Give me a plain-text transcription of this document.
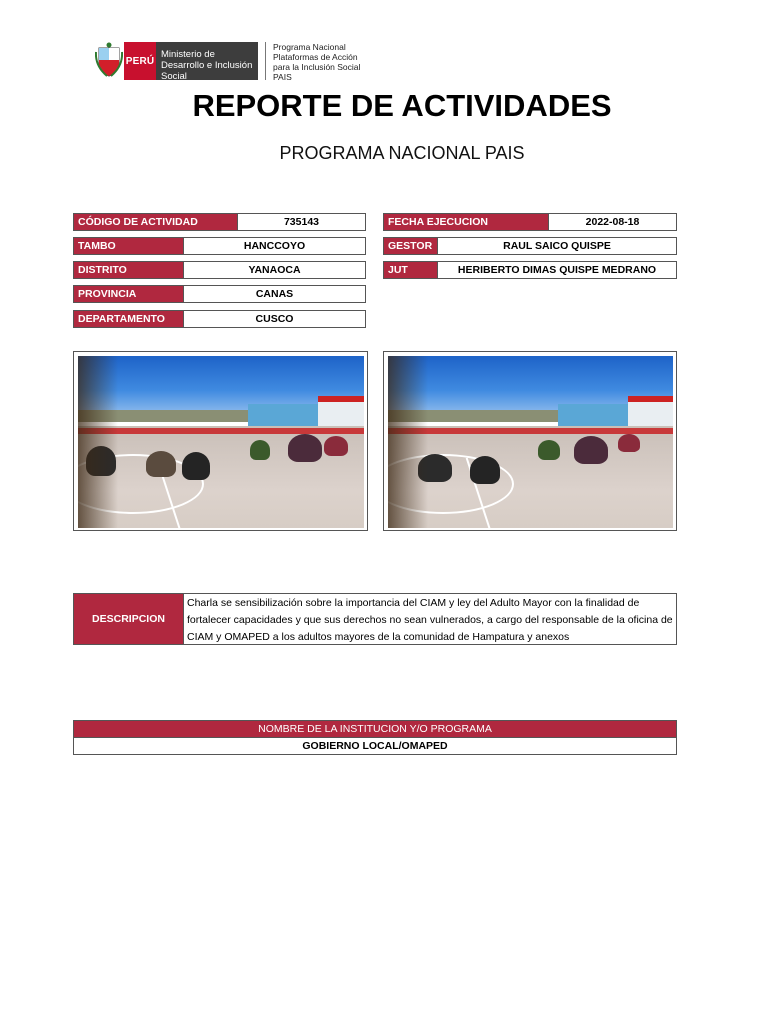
PERÚ
Ministerio de Desarrollo e Inclusión Social
Programa Nacional
Plataformas de Acción
para la Inclusión Social
PAIS
REPORTE DE ACTIVIDADES
PROGRAMA NACIONAL PAIS
CÓDIGO DE ACTIVIDAD	735143
TAMBO	HANCCOYO
DISTRITO	YANAOCA
PROVINCIA	CANAS
DEPARTAMENTO	CUSCO
FECHA EJECUCION	2022-08-18
GESTOR	RAUL SAICO QUISPE
JUT	HERIBERTO DIMAS QUISPE MEDRANO
DESCRIPCION
Charla se sensibilización sobre la importancia del CIAM y ley del Adulto Mayor con la finalidad de fortalecer capacidades y que sus derechos no sean vulnerados, a cargo del responsable de la oficina de CIAM y OMAPED a los adultos mayores de la comunidad de Hampatura y anexos
NOMBRE DE LA INSTITUCION Y/O PROGRAMA
GOBIERNO LOCAL/OMAPED
